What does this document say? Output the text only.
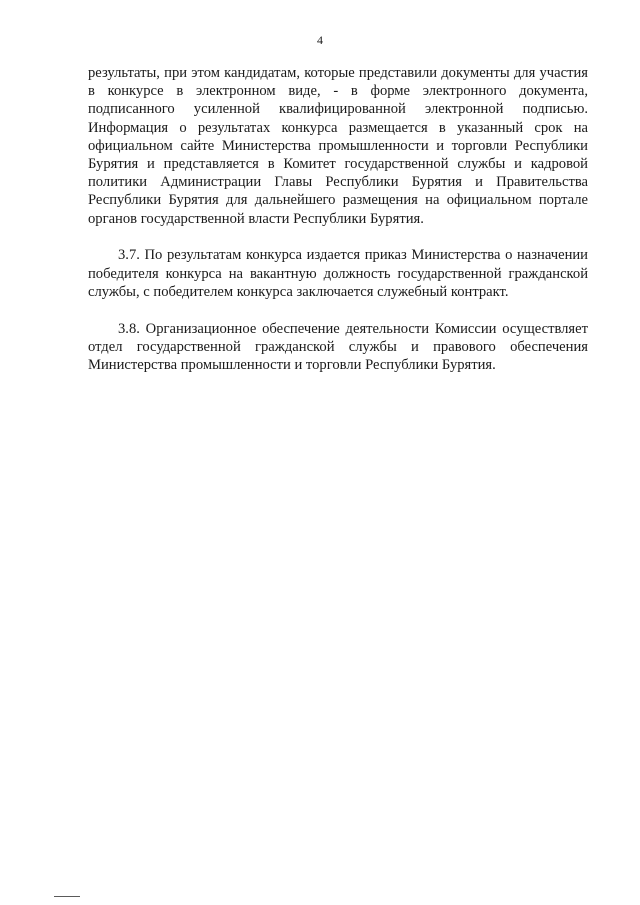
4

результаты, при этом кандидатам, которые представили документы для участия в конкурсе в электронном виде, - в форме электронного документа, подписанного усиленной квалифицированной электронной подписью. Информация о результатах конкурса размещается в указанный срок на официальном сайте Министерства промышленности и торговли Республики Бурятия и представляется в Комитет государственной службы и кадровой политики Администрации Главы Республики Бурятия и Правительства Республики Бурятия для дальнейшего размещения на официальном портале органов государственной власти Республики Бурятия.

3.7. По результатам конкурса издается приказ Министерства о назначении победителя конкурса на вакантную должность государственной гражданской службы, с победителем конкурса заключается служебный контракт.

3.8. Организационное обеспечение деятельности Комиссии осуществляет отдел государственной гражданской службы и правового обеспечения Министерства промышленности и торговли Республики Бурятия.
